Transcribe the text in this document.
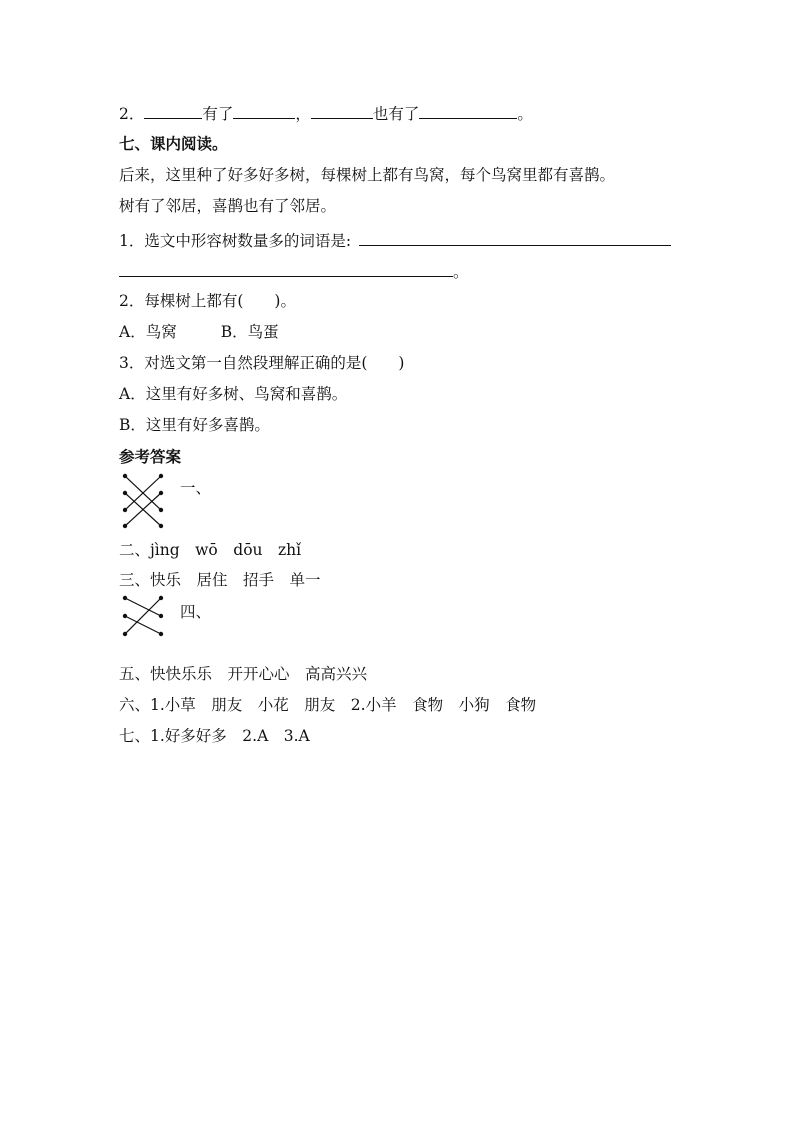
2．	有了	，	也有了	。
七、课内阅读。
后来，这里种了好多好多树，每棵树上都有鸟窝，每个鸟窝里都有喜鹊。
树有了邻居，喜鹊也有了邻居。
1．选文中形容树数量多的词语是:
。
2．每棵树上都有(　　)。
A．鸟窝	B．鸟蛋
3．对选文第一自然段理解正确的是(　　)
A．这里有好多树、鸟窝和喜鹊。
B．这里有好多喜鹊。
参考答案
一、
二、jìng　wō　dōu　zhǐ
三、快乐　居住　招手　单一
四、
五、快快乐乐　开开心心　高高兴兴
六、1.小草　朋友　小花　朋友　2.小羊　食物　小狗　食物
七、1.好多好多　2.A　3.A
